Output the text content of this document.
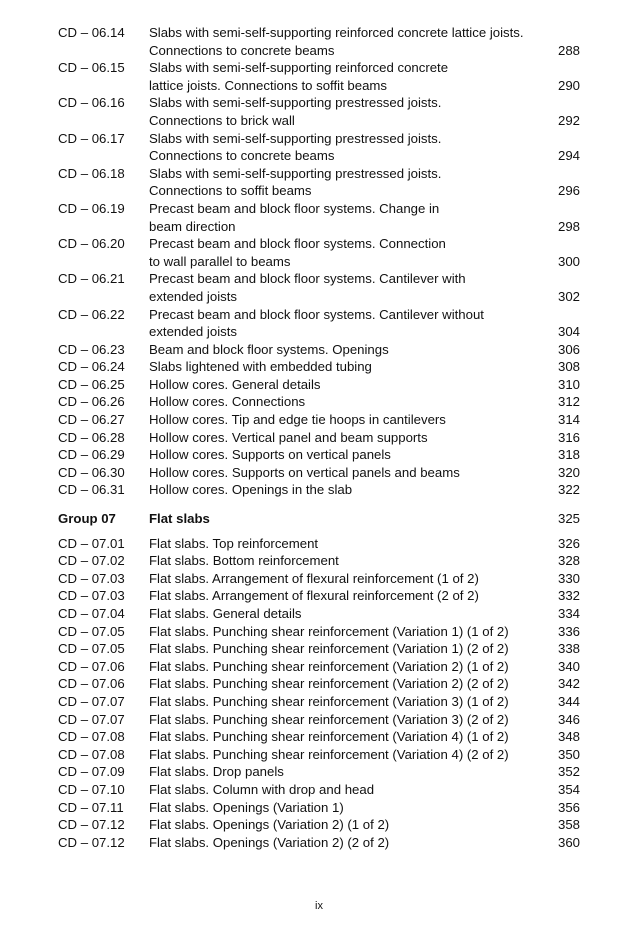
CD – 06.14	Slabs with semi-self-supporting reinforced concrete lattice joists.
Connections to concrete beams	288
CD – 06.15	Slabs with semi-self-supporting reinforced concrete
lattice joists. Connections to soffit beams	290
CD – 06.16	Slabs with semi-self-supporting prestressed joists.
Connections to brick wall	292
CD – 06.17	Slabs with semi-self-supporting prestressed joists.
Connections to concrete beams	294
CD – 06.18	Slabs with semi-self-supporting prestressed joists.
Connections to soffit beams	296
CD – 06.19	Precast beam and block floor systems. Change in
beam direction	298
CD – 06.20	Precast beam and block floor systems. Connection
to wall parallel to beams	300
CD – 06.21	Precast beam and block floor systems. Cantilever with
extended joists	302
CD – 06.22	Precast beam and block floor systems. Cantilever without
extended joists	304
CD – 06.23	Beam and block floor systems. Openings	306
CD – 06.24	Slabs lightened with embedded tubing	308
CD – 06.25	Hollow cores. General details	310
CD – 06.26	Hollow cores. Connections	312
CD – 06.27	Hollow cores. Tip and edge tie hoops in cantilevers	314
CD – 06.28	Hollow cores. Vertical panel and beam supports	316
CD – 06.29	Hollow cores. Supports on vertical panels	318
CD – 06.30	Hollow cores. Supports on vertical panels and beams	320
CD – 06.31	Hollow cores. Openings in the slab	322
Group 07	Flat slabs	325
CD – 07.01	Flat slabs. Top reinforcement	326
CD – 07.02	Flat slabs. Bottom reinforcement	328
CD – 07.03	Flat slabs. Arrangement of flexural reinforcement (1 of 2)	330
CD – 07.03	Flat slabs. Arrangement of flexural reinforcement (2 of 2)	332
CD – 07.04	Flat slabs. General details	334
CD – 07.05	Flat slabs. Punching shear reinforcement (Variation 1) (1 of 2)	336
CD – 07.05	Flat slabs. Punching shear reinforcement (Variation 1) (2 of 2)	338
CD – 07.06	Flat slabs. Punching shear reinforcement (Variation 2) (1 of 2)	340
CD – 07.06	Flat slabs. Punching shear reinforcement (Variation 2) (2 of 2)	342
CD – 07.07	Flat slabs. Punching shear reinforcement (Variation 3) (1 of 2)	344
CD – 07.07	Flat slabs. Punching shear reinforcement (Variation 3) (2 of 2)	346
CD – 07.08	Flat slabs. Punching shear reinforcement (Variation 4) (1 of 2)	348
CD – 07.08	Flat slabs. Punching shear reinforcement (Variation 4) (2 of 2)	350
CD – 07.09	Flat slabs. Drop panels	352
CD – 07.10	Flat slabs. Column with drop and head	354
CD – 07.11	Flat slabs. Openings (Variation 1)	356
CD – 07.12	Flat slabs. Openings (Variation 2) (1 of 2)	358
CD – 07.12	Flat slabs. Openings (Variation 2) (2 of 2)	360
ix
